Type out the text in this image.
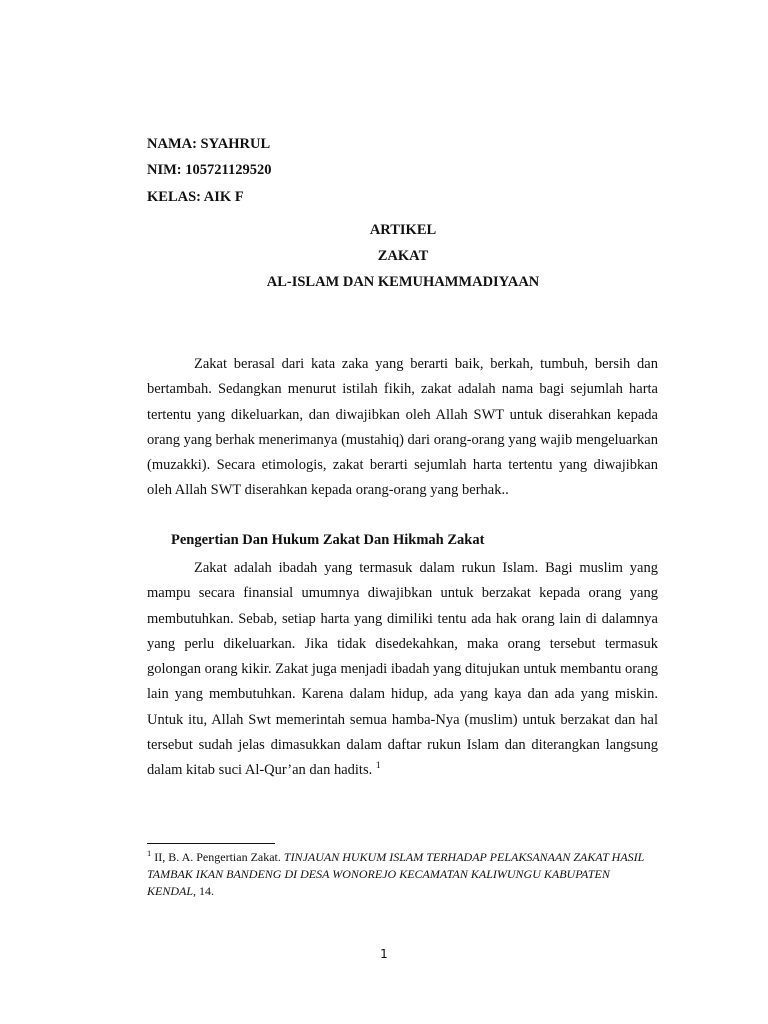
NAMA: SYAHRUL
NIM: 105721129520
KELAS: AIK F
ARTIKEL
ZAKAT
AL-ISLAM DAN KEMUHAMMADIYAAN

Zakat berasal dari kata zaka yang berarti baik, berkah, tumbuh, bersih dan bertambah. Sedangkan menurut istilah fikih, zakat adalah nama bagi sejumlah harta tertentu yang dikeluarkan, dan diwajibkan oleh Allah SWT untuk diserahkan kepada orang yang berhak menerimanya (mustahiq) dari orang-orang yang wajib mengeluarkan (muzakki). Secara etimologis, zakat berarti sejumlah harta tertentu yang diwajibkan oleh Allah SWT diserahkan kepada orang-orang yang berhak..

Pengertian Dan Hukum Zakat Dan Hikmah Zakat

Zakat adalah ibadah yang termasuk dalam rukun Islam. Bagi muslim yang mampu secara finansial umumnya diwajibkan untuk berzakat kepada orang yang membutuhkan. Sebab, setiap harta yang dimiliki tentu ada hak orang lain di dalamnya yang perlu dikeluarkan. Jika tidak disedekahkan, maka orang tersebut termasuk golongan orang kikir. Zakat juga menjadi ibadah yang ditujukan untuk membantu orang lain yang membutuhkan. Karena dalam hidup, ada yang kaya dan ada yang miskin. Untuk itu, Allah Swt memerintah semua hamba-Nya (muslim) untuk berzakat dan hal tersebut sudah jelas dimasukkan dalam daftar rukun Islam dan diterangkan langsung dalam kitab suci Al-Qur’an dan hadits. $^1$

$^1$ II, B. A. Pengertian Zakat. TINJAUAN HUKUM ISLAM TERHADAP PELAKSANAAN ZAKAT HASIL TAMBAK IKAN BANDENG DI DESA WONOREJO KECAMATAN KALIWUNGU KABUPATEN KENDAL, 14.

1
